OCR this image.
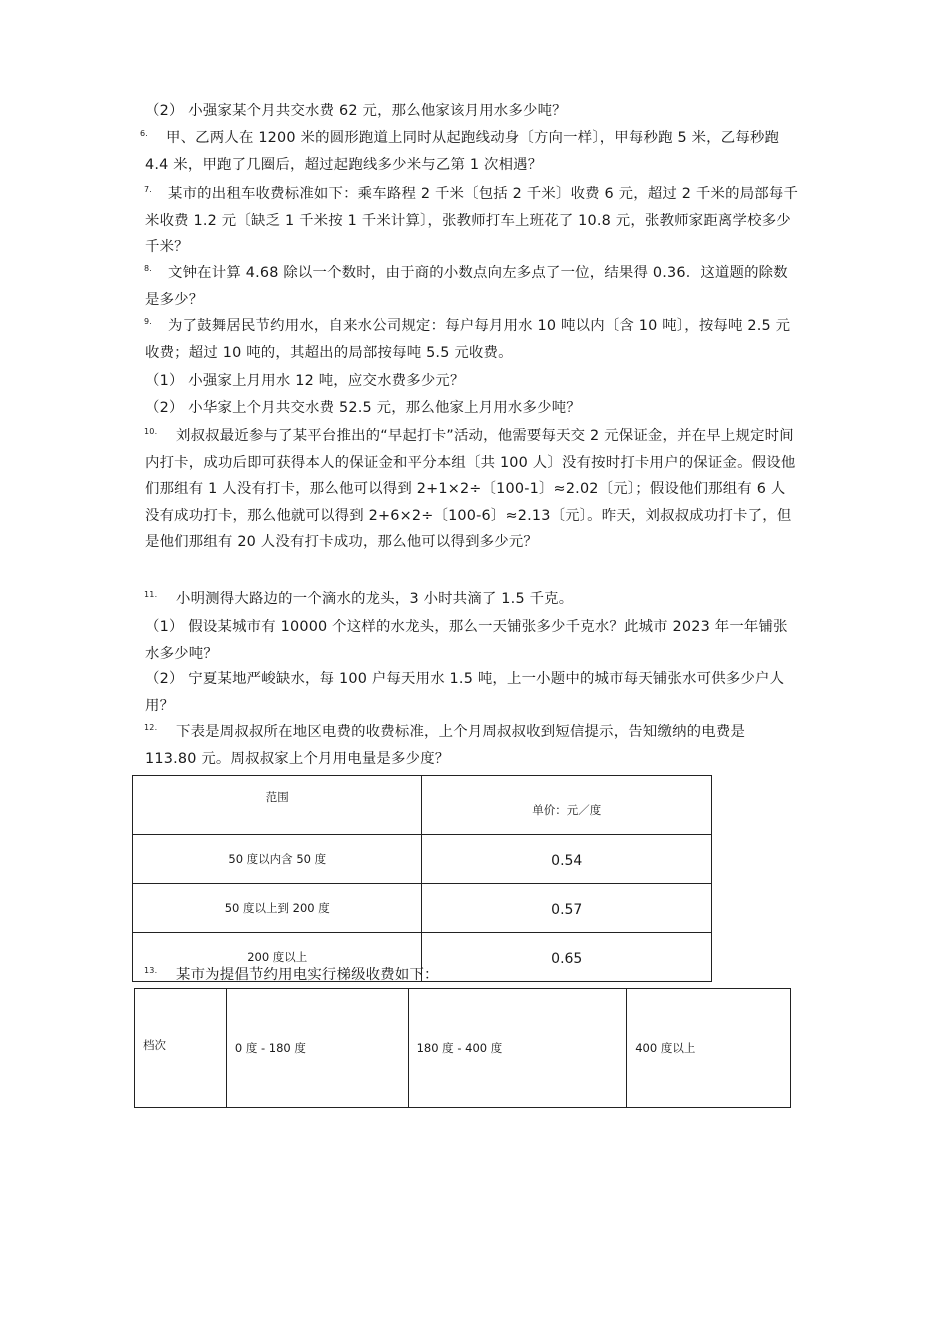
（2） 小强家某个月共交水费 62 元，那么他家该月用水多少吨？

6. 甲、乙两人在 1200 米的圆形跑道上同时从起跑线动身〔方向一样〕，甲每秒跑 5 米，乙每秒跑 4.4 米，甲跑了几圈后，超过起跑线多少米与乙第 1 次相遇？

7. 某市的出租车收费标准如下：乘车路程 2 千米〔包括 2 千米〕收费 6 元，超过 2 千米的局部每千米收费 1.2 元〔缺乏 1 千米按 1 千米计算〕，张教师打车上班花了 10.8 元，张教师家距离学校多少千米？

8. 文钟在计算 4.68 除以一个数时，由于商的小数点向左多点了一位，结果得 0.36．这道题的除数是多少？

9. 为了鼓舞居民节约用水，自来水公司规定：每户每月用水 10 吨以内〔含 10 吨〕，按每吨 2.5 元收费；超过 10 吨的，其超出的局部按每吨 5.5 元收费。

（1） 小强家上月用水 12 吨，应交水费多少元？

（2） 小华家上个月共交水费 52.5 元，那么他家上月用水多少吨？

10. 刘叔叔最近参与了某平台推出的“早起打卡”活动，他需要每天交 2 元保证金，并在早上规定时间内打卡，成功后即可获得本人的保证金和平分本组〔共 100 人〕没有按时打卡用户的保证金。假设他们那组有 1 人没有打卡，那么他可以得到 2+1×2÷〔100-1〕≈2.02〔元〕；假设他们那组有 6 人没有成功打卡，那么他就可以得到 2+6×2÷〔100-6〕≈2.13〔元〕。昨天，刘叔叔成功打卡了，但是他们那组有 20 人没有打卡成功，那么他可以得到多少元？

11. 小明测得大路边的一个滴水的龙头，3 小时共滴了 1.5 千克。

（1） 假设某城市有 10000 个这样的水龙头，那么一天铺张多少千克水？此城市 2023 年一年铺张水多少吨？

（2） 宁夏某地严峻缺水，每 100 户每天用水 1.5 吨，上一小题中的城市每天铺张水可供多少户人用？

12. 下表是周叔叔所在地区电费的收费标准，上个月周叔叔收到短信提示，告知缴纳的电费是 113.80 元。周叔叔家上个月用电量是多少度？

范围	单价：元／度
50 度以内含 50 度	0.54
50 度以上到 200 度	0.57
200 度以上	0.65

13. 某市为提倡节约用电实行梯级收费如下：

档次	0 度 - 180 度	180 度 - 400 度	400 度以上
